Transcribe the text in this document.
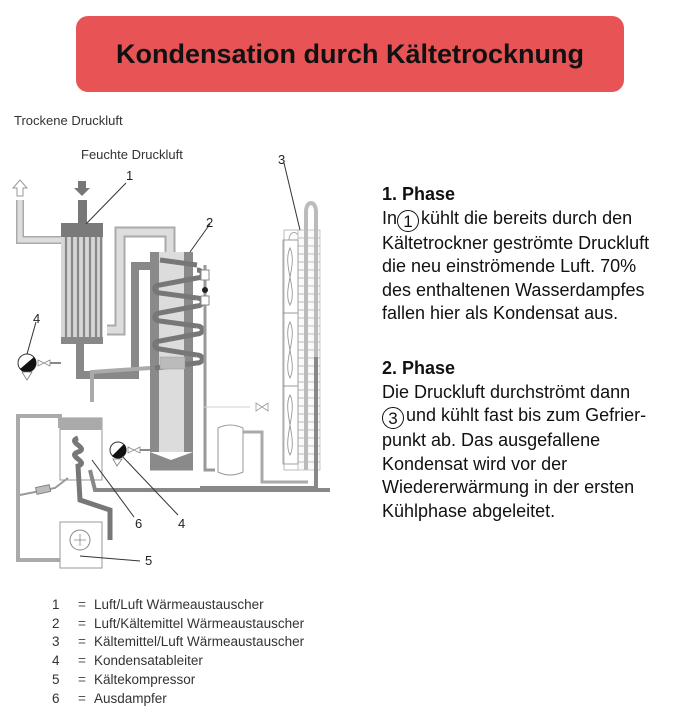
Kondensation durch Kältetrocknung
Trockene Druckluft
Feuchte Druckluft
1
2
3
4
4
5
6
1. Phase

In 1 kühlt die bereits durch den

Kältetrockner geströmte Druckluft

die neu einströmende Luft. 70%

des enthaltenen Wasserdampfes

fallen hier als Kondensat aus.

2. Phase

Die Druckluft durchströmt dann

3 und kühlt fast bis zum Gefrier-

punkt ab. Das ausgefallene

Kondensat wird vor der

Wiedererwärmung in der ersten

Kühlphase abgeleitet.

1	= Luft/Luft Wärmeaustauscher
2	= Luft/Kältemittel Wärmeaustauscher
3	= Kältemittel/Luft Wärmeaustauscher
4	= Kondensatableiter
5	= Kältekompressor
6	= Ausdampfer
